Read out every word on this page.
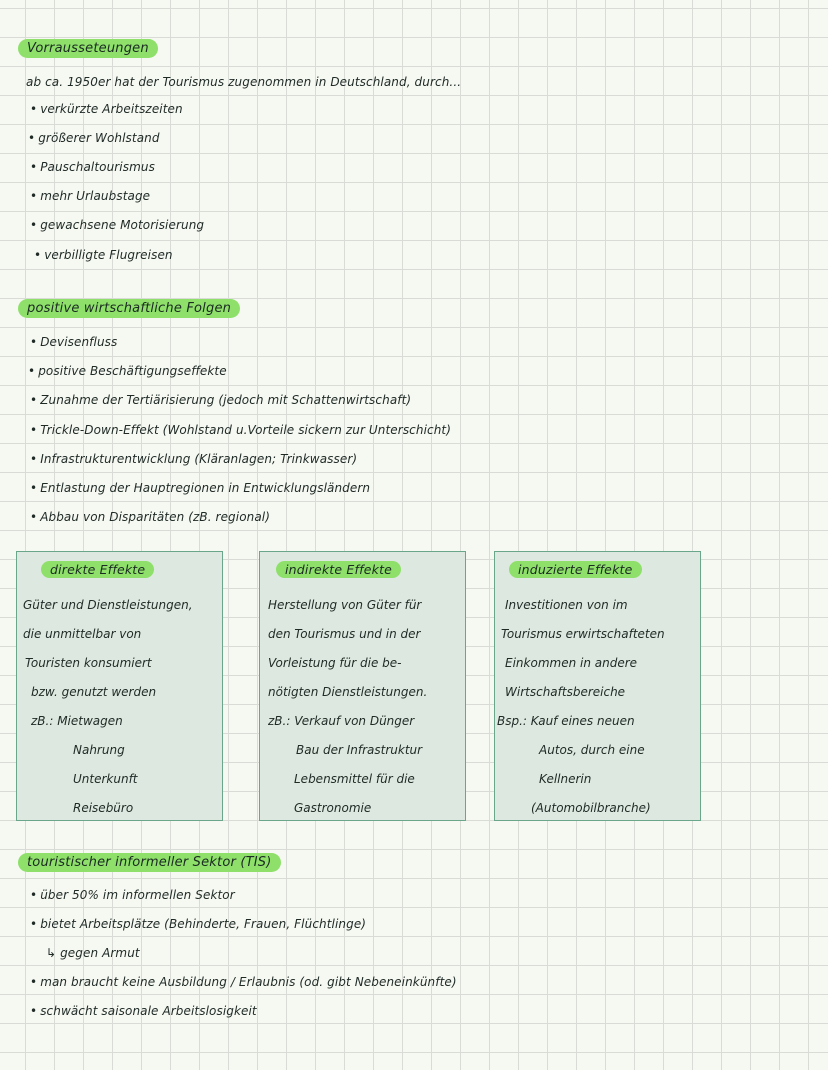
Vorrausseteungen
ab ca. 1950er hat der Tourismus zugenommen in Deutschland, durch...
• verkürzte Arbeitszeiten
• größerer Wohlstand
• Pauschaltourismus
• mehr Urlaubstage
• gewachsene Motorisierung
• verbilligte Flugreisen
positive wirtschaftliche Folgen
• Devisenfluss
• positive Beschäftigungseffekte
• Zunahme der Tertiärisierung (jedoch mit Schattenwirtschaft)
• Trickle-Down-Effekt (Wohlstand u.Vorteile sickern zur Unterschicht)
• Infrastrukturentwicklung (Kläranlagen; Trinkwasser)
• Entlastung der Hauptregionen in Entwicklungsländern
• Abbau von Disparitäten (zB. regional)
direkte Effekte
Güter und Dienstleistungen,
die unmittelbar von
Touristen konsumiert
bzw. genutzt werden
zB.: Mietwagen
Nahrung
Unterkunft
Reisebüro
indirekte Effekte
Herstellung von Güter für
den Tourismus und in der
Vorleistung für die be-
nötigten Dienstleistungen.
zB.: Verkauf von Dünger
Bau der Infrastruktur
Lebensmittel für die
Gastronomie
induzierte Effekte
Investitionen von im
Tourismus erwirtschafteten
Einkommen in andere
Wirtschaftsbereiche
Bsp.: Kauf eines neuen
Autos, durch eine
Kellnerin
(Automobilbranche)
touristischer informeller Sektor (TIS)
• über 50% im informellen Sektor
• bietet Arbeitsplätze (Behinderte, Frauen, Flüchtlinge)
↳ gegen Armut
• man braucht keine Ausbildung / Erlaubnis (od. gibt Nebeneinkünfte)
• schwächt saisonale Arbeitslosigkeit
